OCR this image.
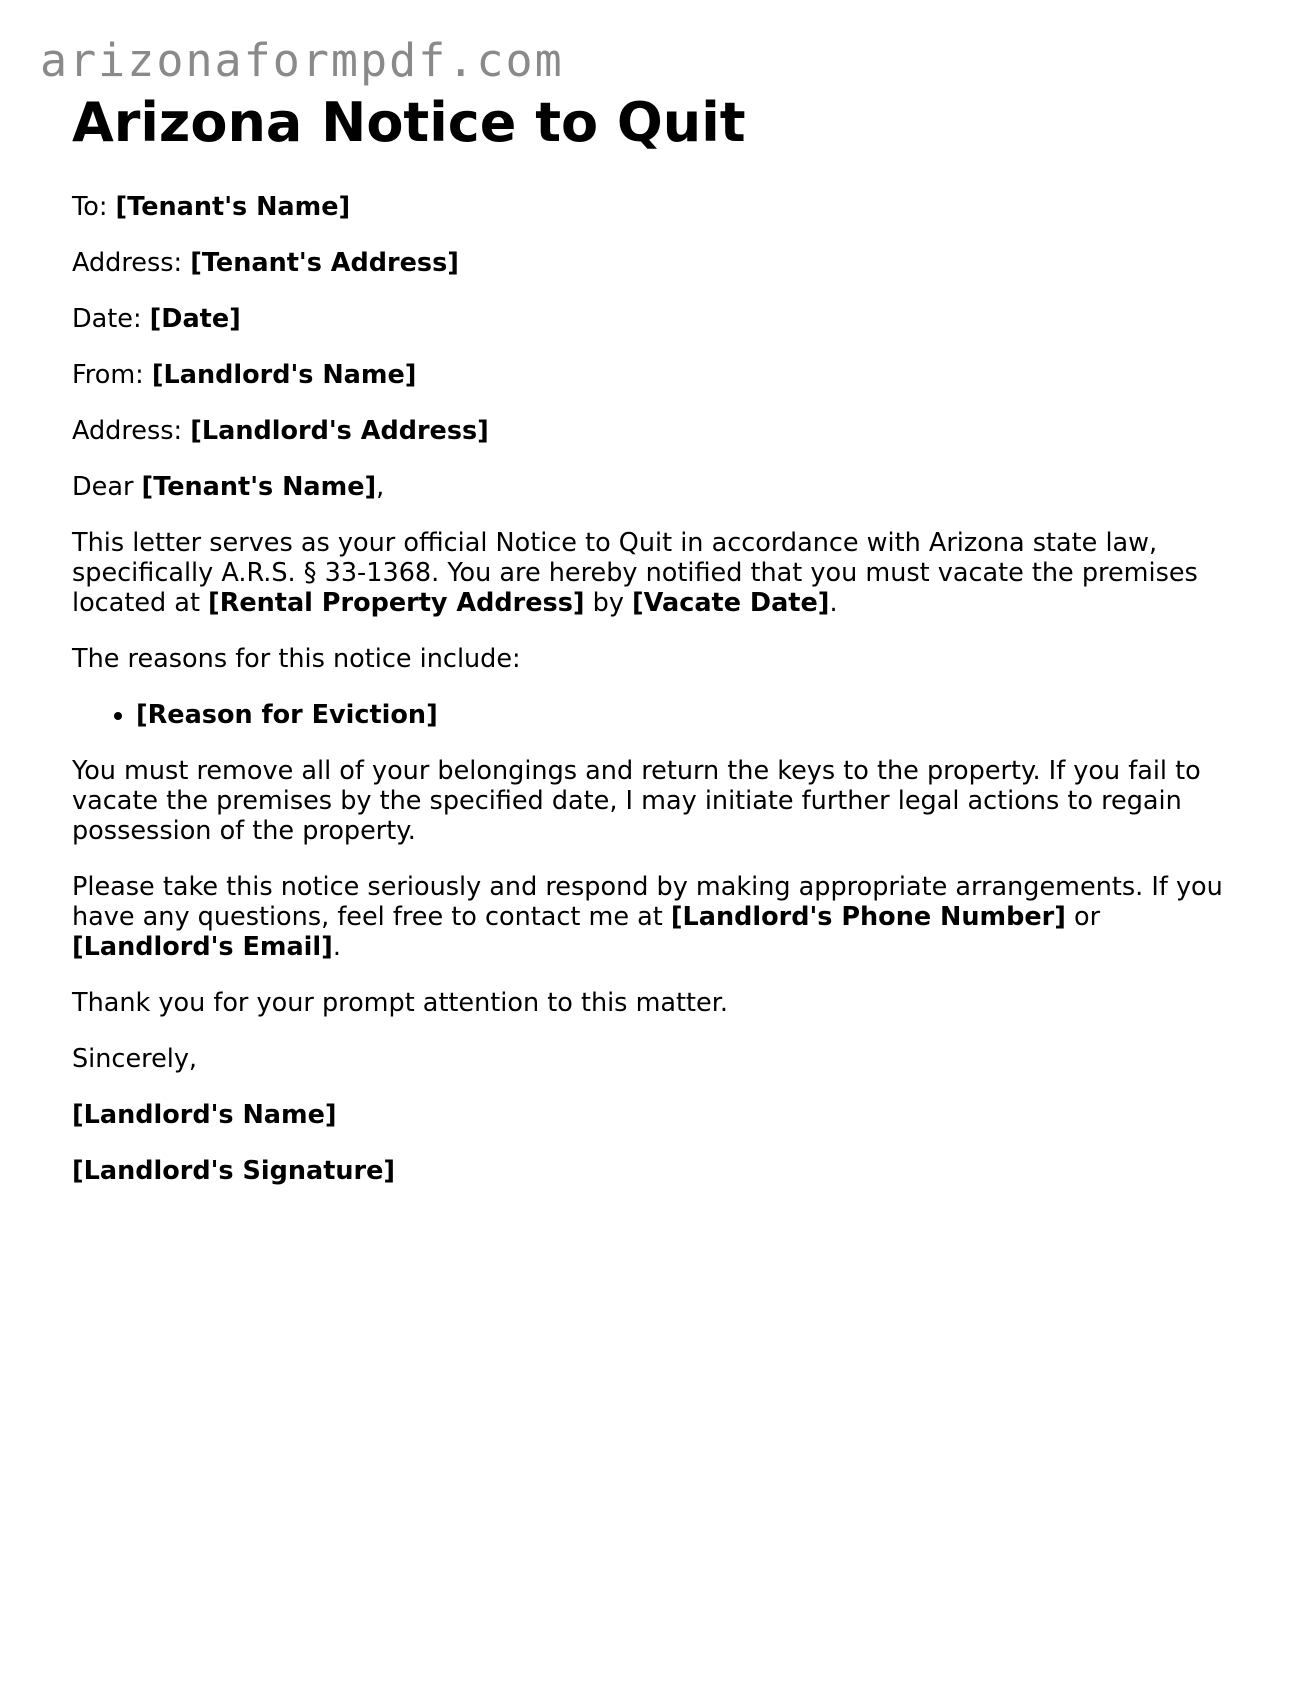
arizonaformpdf.com
Arizona Notice to Quit

To: [Tenant's Name]

Address: [Tenant's Address]

Date: [Date]

From: [Landlord's Name]

Address: [Landlord's Address]

Dear [Tenant's Name],

This letter serves as your official Notice to Quit in accordance with Arizona state law, specifically A.R.S. § 33-1368. You are hereby notified that you must vacate the premises located at [Rental Property Address] by [Vacate Date].

The reasons for this notice include:

• [Reason for Eviction]

You must remove all of your belongings and return the keys to the property. If you fail to vacate the premises by the specified date, I may initiate further legal actions to regain possession of the property.

Please take this notice seriously and respond by making appropriate arrangements. If you have any questions, feel free to contact me at [Landlord's Phone Number] or [Landlord's Email].

Thank you for your prompt attention to this matter.

Sincerely,

[Landlord's Name]

[Landlord's Signature]
